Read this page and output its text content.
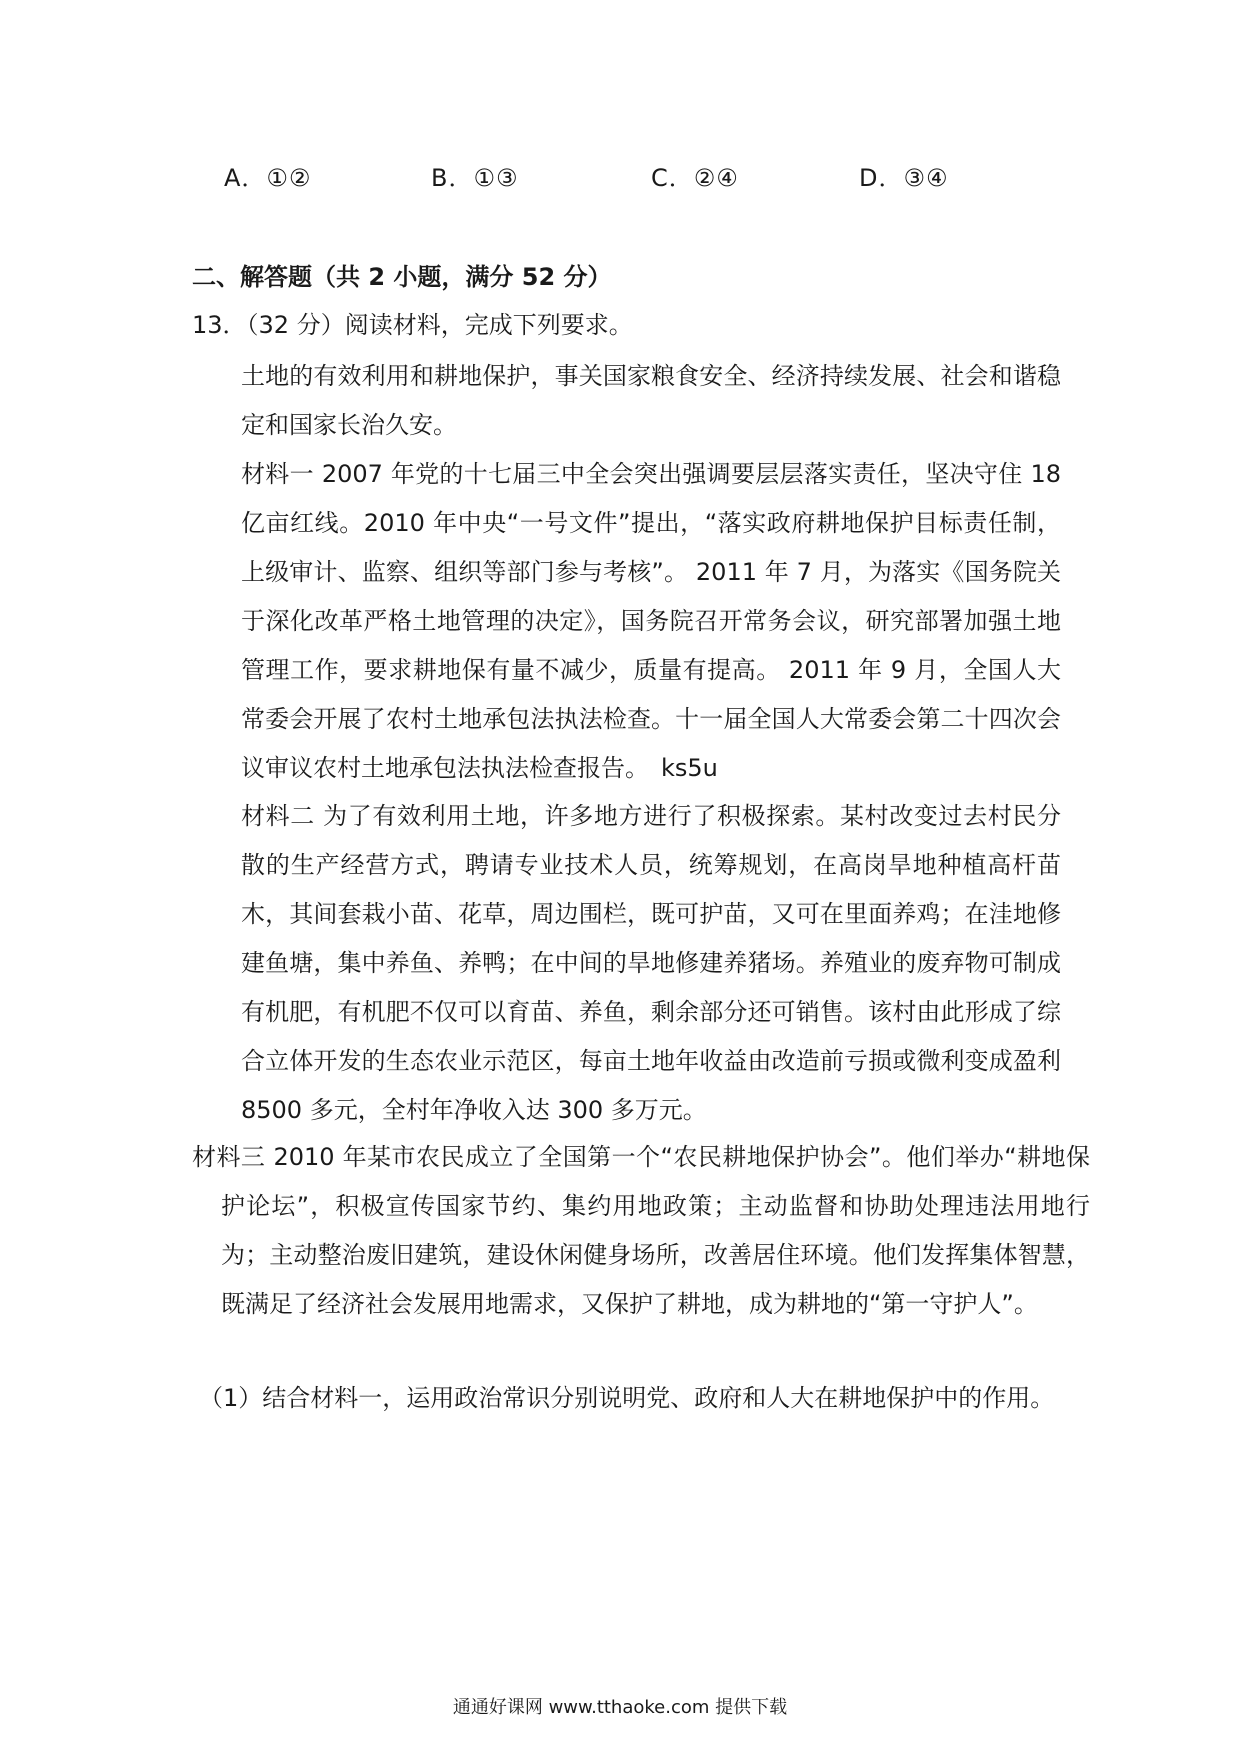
A．①②	B．①③	C．②④	D．③④
二、解答题（共 2 小题，满分 52 分）
13．（32 分）阅读材料，完成下列要求。
土地的有效利用和耕地保护，事关国家粮食安全、经济持续发展、社会和谐稳定和国家长治久安。
材料一 2007 年党的十七届三中全会突出强调要层层落实责任，坚决守住 18 亿亩红线。2010 年中央“一号文件”提出，“落实政府耕地保护目标责任制，上级审计、监察、组织等部门参与考核”。 2011 年 7 月，为落实《国务院关于深化改革严格土地管理的决定》，国务院召开常务会议，研究部署加强土地管理工作，要求耕地保有量不减少，质量有提高。 2011 年 9 月，全国人大常委会开展了农村土地承包法执法检查。十一届全国人大常委会第二十四次会议审议农村土地承包法执法检查报告。　ks5u
材料二 为了有效利用土地，许多地方进行了积极探索。某村改变过去村民分散的生产经营方式，聘请专业技术人员，统筹规划，在高岗旱地种植高杆苗木，其间套栽小苗、花草，周边围栏，既可护苗，又可在里面养鸡；在洼地修建鱼塘，集中养鱼、养鸭；在中间的旱地修建养猪场。养殖业的废弃物可制成有机肥，有机肥不仅可以育苗、养鱼，剩余部分还可销售。该村由此形成了综合立体开发的生态农业示范区，每亩土地年收益由改造前亏损或微利变成盈利 8500 多元，全村年净收入达 300 多万元。
材料三 2010 年某市农民成立了全国第一个“农民耕地保护协会”。他们举办“耕地保护论坛”，积极宣传国家节约、集约用地政策；主动监督和协助处理违法用地行为；主动整治废旧建筑，建设休闲健身场所，改善居住环境。他们发挥集体智慧，既满足了经济社会发展用地需求，又保护了耕地，成为耕地的“第一守护人”。
（1）结合材料一，运用政治常识分别说明党、政府和人大在耕地保护中的作用。
通通好课网 www.tthaoke.com 提供下载
